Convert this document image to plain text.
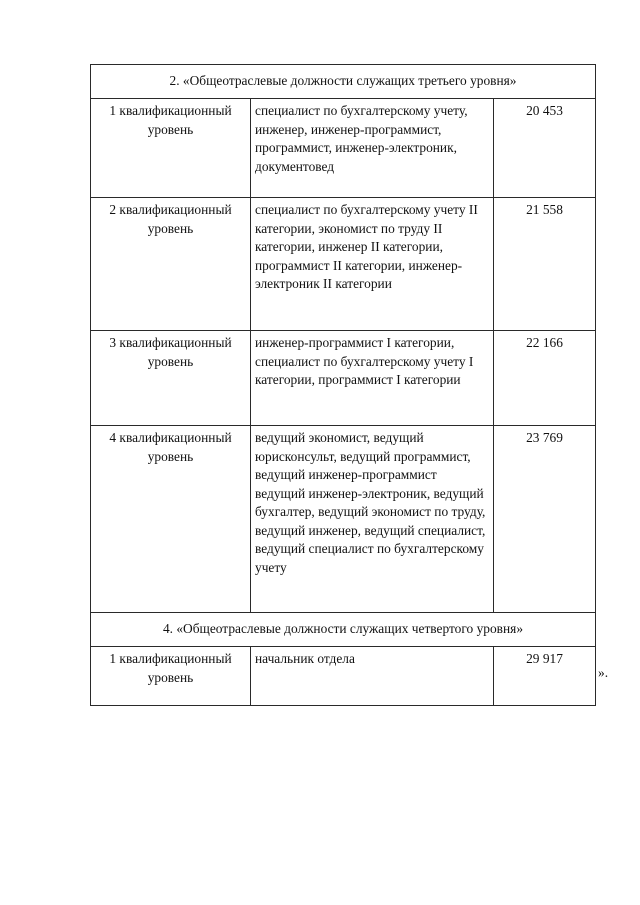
2. «Общеотраслевые должности служащих третьего уровня»		
1 квалификационный уровень	специалист по бухгалтерскому учету, инженер, инженер-программист, программист, инженер-электроник, документовед	20 453
2 квалификационный уровень	специалист по бухгалтерскому учету II категории, экономист по труду II категории, инженер II категории, программист II категории, инженер-электроник II категории	21 558
3 квалификационный уровень	инженер-программист I категории, специалист по бухгалтерскому учету I категории, программист I категории	22 166
4 квалификационный уровень	ведущий экономист, ведущий юрисконсульт, ведущий программист, ведущий инженер-программист ведущий инженер-электроник, ведущий бухгалтер, ведущий экономист по труду, ведущий инженер, ведущий специалист, ведущий специалист по бухгалтерскому учету	23 769
4. «Общеотраслевые должности служащих четвертого уровня»		
1 квалификационный уровень	начальник отдела	29 917
».
